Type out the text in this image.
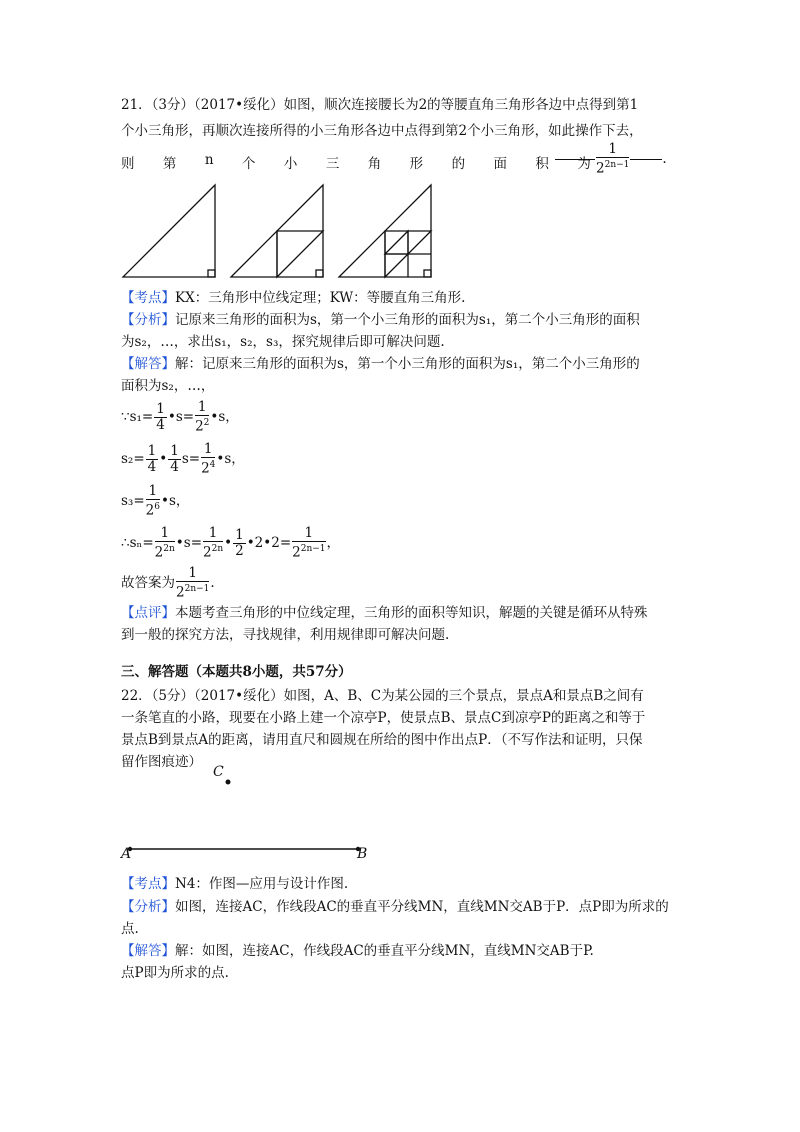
21．（3分）（2017•绥化）如图，顺次连接腰长为2的等腰直角三角形各边中点得到第1
个小三角形，再顺次连接所得的小三角形各边中点得到第2个小三角形，如此操作下去，
则 第 n 个 小 三 角 形 的 面 积 为 $\frac{1}{2^{2n-1}}$ .
【考点】KX：三角形中位线定理；KW：等腰直角三角形.
【分析】记原来三角形的面积为s，第一个小三角形的面积为s₁，第二个小三角形的面积
为s₂，…，求出s₁，s₂，s₃，探究规律后即可解决问题.
【解答】解：记原来三角形的面积为s，第一个小三角形的面积为s₁，第二个小三角形的
面积为s₂，…，
∵s₁= $\frac{1}{4}$ •s= $\frac{1}{2^2}$ •s，
$s_2= \frac{1}{4}$ • $\frac{1}{4} s= \frac{1}{2^4}$ •s，
$s_3= \frac{1}{2^6}$ •s，
∴sₙ= $\frac{1}{2^{2n}}$ •s= $\frac{1}{2^{2n}}$ • $\frac{1}{2}$ •2•2= $\frac{1}{2^{2n-1}}$ ，
故答案为 $\frac{1}{2^{2n-1}}$ .
【点评】本题考查三角形的中位线定理，三角形的面积等知识，解题的关键是循环从特殊
到一般的探究方法，寻找规律，利用规律即可解决问题.
三、解答题（本题共8小题，共57分）
22．（5分）（2017•绥化）如图，A、B、C为某公园的三个景点，景点A和景点B之间有
一条笔直的小路，现要在小路上建一个凉亭P，使景点B、景点C到凉亭P的距离之和等于
景点B到景点A的距离，请用直尺和圆规在所给的图中作出点P．（不写作法和证明，只保
留作图痕迹）
C
A	B
【考点】N4：作图—应用与设计作图.
【分析】如图，连接AC，作线段AC的垂直平分线MN，直线MN交AB于P．点P即为所求的
点.
【解答】解：如图，连接AC，作线段AC的垂直平分线MN，直线MN交AB于P.
点P即为所求的点.
